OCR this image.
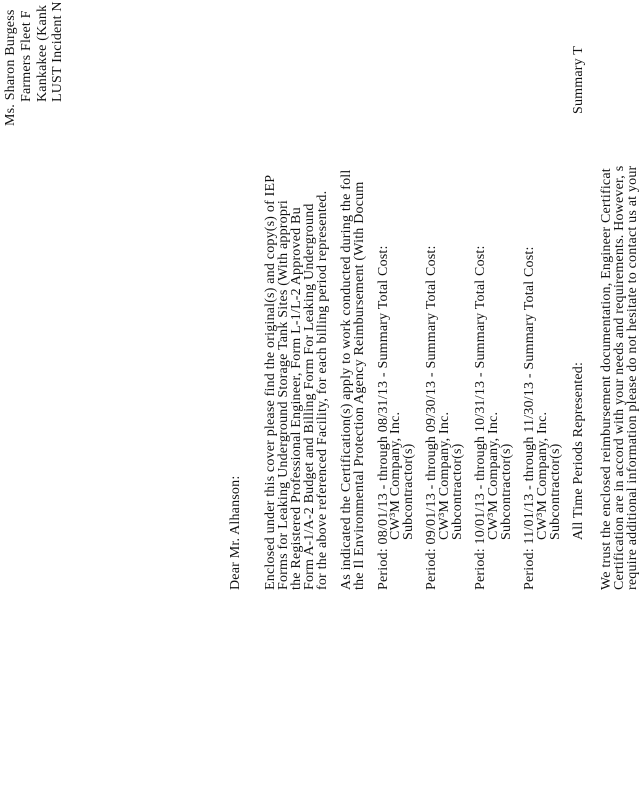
Ms. Sharon Burgess Farmers Fleet F Kankakee (Kank LUST Incident N
Dear Mr. Alhanson: Enclosed under this cover please find the original(s) and copy(s) of IEP
Forms for Leaking Underground Storage Tank Sites (With appropri
the Registered Professional Engineer, Form L-1/L-2 Approved Bu
Form A-1/A-2 Budget and Billing Form For Leaking Underground
for the above referenced Facility, for each billing period represented. As indicated the Certification(s) apply to work conducted during the foll
the Il Environmental Protection Agency Reimbursement (With Docum Period: 08/01/13 - through 08/31/13 - Summary Total Cost:
CW³M Company, Inc.
Subcontractor(s) Period: 09/01/13 - through 09/30/13 - Summary Total Cost:
CW³M Company, Inc.
Subcontractor(s) Period: 10/01/13 - through 10/31/13 - Summary Total Cost:
CW³M Company, Inc.
Subcontractor(s) Period: 11/01/13 - through 11/30/13 - Summary Total Cost:
CW³M Company, Inc.
Subcontractor(s) All Time Periods Represented:
Summary T
We trust the enclosed reimbursement documentation, Engineer Certificat
Certification are in accord with your needs and requirements. However, s
require additional information please do not hesitate to contact us at your
